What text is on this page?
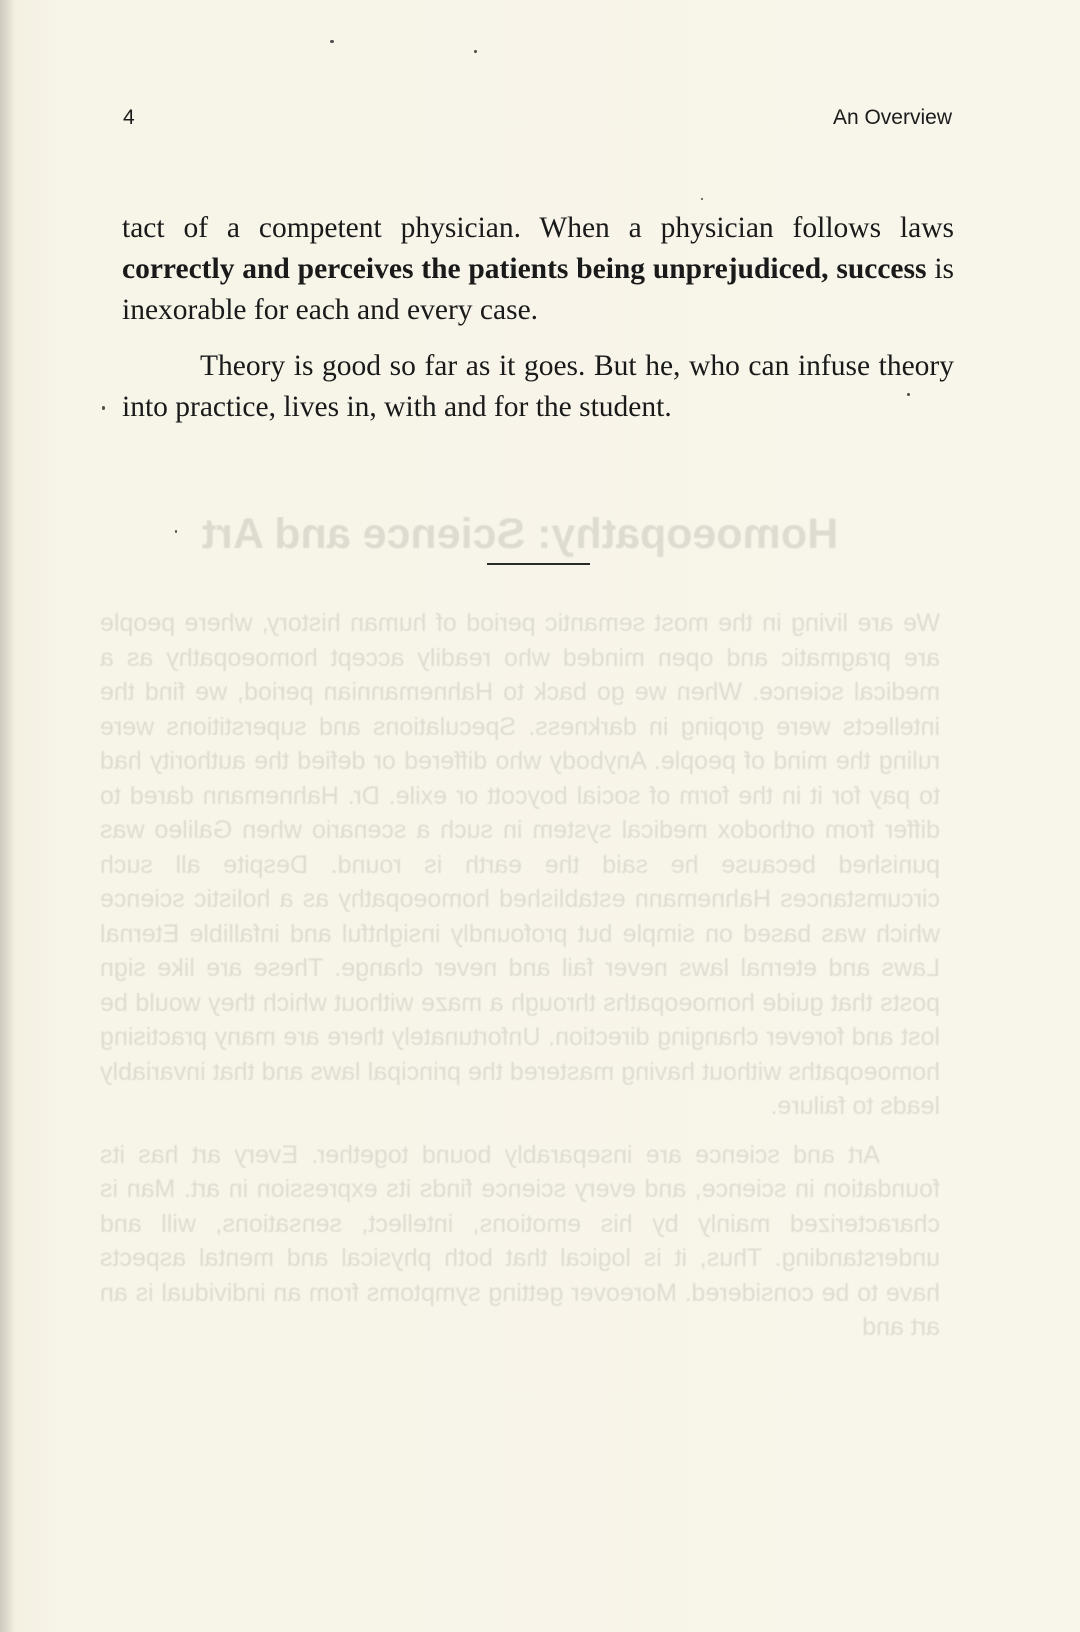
4	An Overview

tact of a competent physician. When a physician follows laws correctly and perceives the patients being unprejudiced, success is inexorable for each and every case.

Theory is good so far as it goes. But he, who can infuse theory into practice, lives in, with and for the student.

Homoeopathy: Science and Art

We are living in the most semantic period of human history, where people are pragmatic and open minded who readily accept homoeopathy as a medical science. When we go back to Hahnemannian period, we find the intellects were groping in darkness. Speculations and superstitions were ruling the mind of people. Anybody who differed or defied the authority had to pay for it in the form of social boycott or exile. Dr. Hahnemann dared to differ from orthodox medical system in such a scenario when Galileo was punished because he said the earth is round. Despite all such circumstances Hahnemann established homoeopathy as a holistic science which was based on simple but profoundly insightful and infallible Eternal Laws and eternal laws never fail and never change. These are like sign posts that guide homoeopaths through a maze without which they would be lost and forever changing direction. Unfortunately there are many practising homoeopaths without having mastered the principal laws and that invariably leads to failure.

Art and science are inseparably bound together. Every art has its foundation in science, and every science finds its expression in art. Man is characterized mainly by his emotions, intellect, sensations, will and understanding. Thus, it is logical that both physical and mental aspects have to be considered. Moreover getting symptoms from an individual is an art and
